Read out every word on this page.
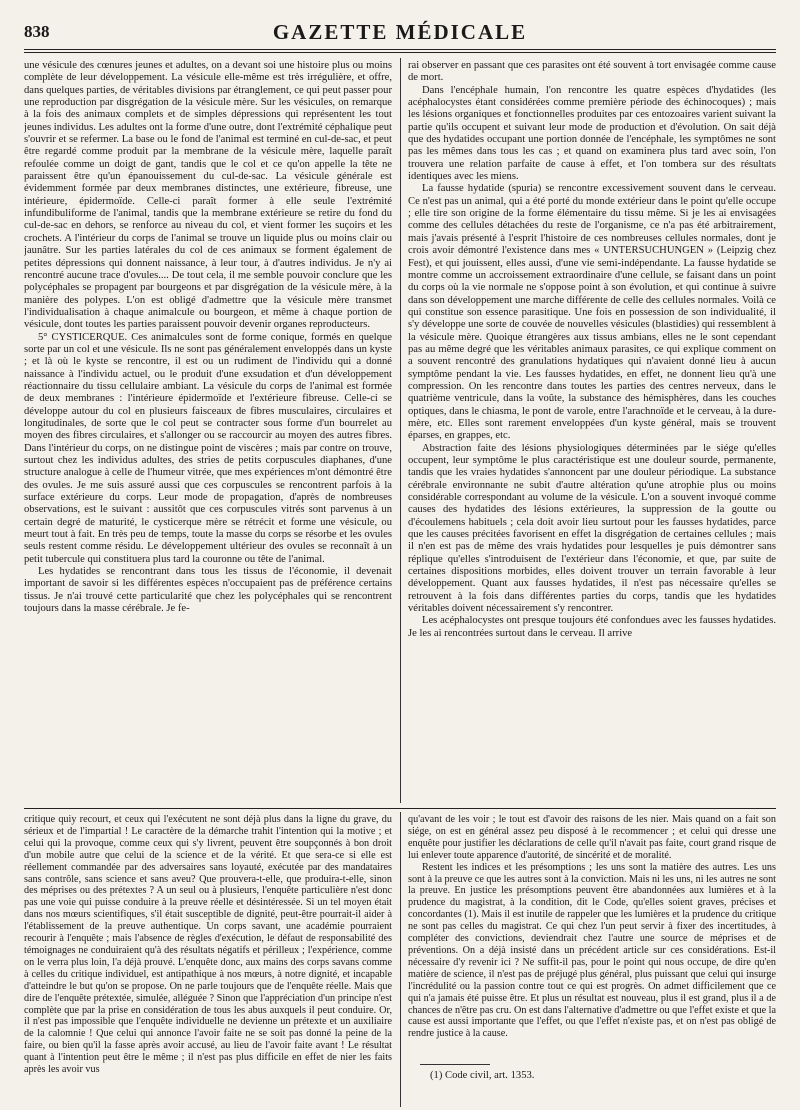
838	GAZETTE MÉDICALE

une vésicule des cœnures jeunes et adultes, on a devant soi une histoire plus ou moins complète de leur développement. La vésicule elle-même est très irrégulière, et offre, dans quelques parties, de véritables divisions par étranglement, ce qui peut passer pour une reproduction par disgrégation de la vésicule mère. Sur les vésicules, on remarque à la fois des animaux complets et de simples dépressions qui représentent les tout jeunes individus. Les adultes ont la forme d'une outre, dont l'extrémité céphalique peut s'ouvrir et se refermer. La base ou le fond de l'animal est terminé en cul-de-sac, et peut être regardé comme produit par la membrane de la vésicule mère, laquelle paraît refoulée comme un doigt de gant, tandis que le col et ce qu'on appelle la tête ne paraissent être qu'un épanouissement du cul-de-sac. La vésicule générale est évidemment formée par deux membranes distinctes, une extérieure, fibreuse, une intérieure, épidermoïde. Celle-ci paraît former à elle seule l'extrémité infundibuliforme de l'animal, tandis que la membrane extérieure se retire du fond du cul-de-sac en dehors, se renforce au niveau du col, et vient former les suçoirs et les crochets. A l'intérieur du corps de l'animal se trouve un liquide plus ou moins clair ou jaunâtre. Sur les parties latérales du col de ces animaux se forment également de petites dépressions qui donnent naissance, à leur tour, à d'autres individus. Je n'y ai rencontré aucune trace d'ovules.... De tout cela, il me semble pouvoir conclure que les polycéphales se propagent par bourgeons et par disgrégation de la vésicule mère, à la manière des polypes. L'on est obligé d'admettre que la vésicule mère transmet l'individualisation à chaque animalcule ou bourgeon, et même à chaque portion de vésicule, dont toutes les parties paraissent pouvoir devenir organes reproducteurs.

5° CYSTICERQUE. Ces animalcules sont de forme conique, formés en quelque sorte par un col et une vésicule. Ils ne sont pas généralement enveloppés dans un kyste ; et là où le kyste se rencontre, il est ou un rudiment de l'individu qui a donné naissance à l'individu actuel, ou le produit d'une exsudation et d'un développement réactionnaire du tissu cellulaire ambiant. La vésicule du corps de l'animal est formée de deux membranes : l'intérieure épidermoïde et l'extérieure fibreuse. Celle-ci se développe autour du col en plusieurs faisceaux de fibres musculaires, circulaires et longitudinales, de sorte que le col peut se contracter sous forme d'un bourrelet au moyen des fibres circulaires, et s'allonger ou se raccourcir au moyen des autres fibres. Dans l'intérieur du corps, on ne distingue point de viscères ; mais par contre on trouve, surtout chez les individus adultes, des stries de petits corpuscules diaphanes, d'une structure analogue à celle de l'humeur vitrée, que mes expériences m'ont démontré être des ovules. Je me suis assuré aussi que ces corpuscules se rencontrent parfois à la surface extérieure du corps. Leur mode de propagation, d'après de nombreuses observations, est le suivant : aussitôt que ces corpuscules vitrés sont parvenus à un certain degré de maturité, le cysticerque mère se rétrécit et forme une vésicule, ou meurt tout à fait. En très peu de temps, toute la masse du corps se résorbe et les ovules seuls restent comme résidu. Le développement ultérieur des ovules se reconnaît à un petit tubercule qui constituera plus tard la couronne ou tête de l'animal.

Les hydatides se rencontrant dans tous les tissus de l'économie, il devenait important de savoir si les différentes espèces n'occupaient pas de préférence certains tissus. Je n'ai trouvé cette particularité que chez les polycéphales qui se rencontrent toujours dans la masse cérébrale. Je fe-

rai observer en passant que ces parasites ont été souvent à tort envisagée comme cause de mort.

Dans l'encéphale humain, l'on rencontre les quatre espèces d'hydatides (les acéphalocystes étant considérées comme première période des échinocoques) ; mais les lésions organiques et fonctionnelles produites par ces entozoaires varient suivant la partie qu'ils occupent et suivant leur mode de production et d'évolution. On sait déjà que des hydatides occupant une portion donnée de l'encéphale, les symptômes ne sont pas les mêmes dans tous les cas ; et quand on examinera plus tard avec soin, l'on trouvera une relation parfaite de cause à effet, et l'on tombera sur des résultats identiques avec les miens.

La fausse hydatide (spuria) se rencontre excessivement souvent dans le cerveau. Ce n'est pas un animal, qui a été porté du monde extérieur dans le point qu'elle occupe ; elle tire son origine de la forme élémentaire du tissu même. Si je les ai envisagées comme des cellules détachées du reste de l'organisme, ce n'a pas été arbitrairement, mais j'avais présenté à l'esprit l'histoire de ces nombreuses cellules normales, dont je crois avoir démontré l'existence dans mes « UNTERSUCHUNGEN » (Leipzig chez Fest), et qui jouissent, elles aussi, d'une vie semi-indépendante. La fausse hydatide se montre comme un accroissement extraordinaire d'une cellule, se faisant dans un point du corps où la vie normale ne s'oppose point à son évolution, et qui continue à suivre dans son développement une marche différente de celle des cellules normales. Voilà ce qui constitue son essence parasitique. Une fois en possession de son individualité, il s'y développe une sorte de couvée de nouvelles vésicules (blastidies) qui ressemblent à la vésicule mère. Quoique étrangères aux tissus ambians, elles ne le sont cependant pas au même degré que les véritables animaux parasites, ce qui explique comment on a souvent rencontré des granulations hydatiques qui n'avaient donné lieu à aucun symptôme pendant la vie. Les fausses hydatides, en effet, ne donnent lieu qu'à une compression. On les rencontre dans toutes les parties des centres nerveux, dans le quatrième ventricule, dans la voûte, la substance des hémisphères, dans les couches optiques, dans le chiasma, le pont de varole, entre l'arachnoïde et le cerveau, à la dure-mère, etc. Elles sont rarement enveloppées d'un kyste général, mais se trouvent éparses, en grappes, etc.

Abstraction faite des lésions physiologiques déterminées par le siége qu'elles occupent, leur symptôme le plus caractéristique est une douleur sourde, permanente, tandis que les vraies hydatides s'annoncent par une douleur périodique. La substance cérébrale environnante ne subit d'autre altération qu'une atrophie plus ou moins considérable correspondant au volume de la vésicule. L'on a souvent invoqué comme causes des hydatides des lésions extérieures, la suppression de la goutte ou d'écoulemens habituels ; cela doit avoir lieu surtout pour les fausses hydatides, parce que les causes précitées favorisent en effet la disgrégation de certaines cellules ; mais il n'en est pas de même des vrais hydatides pour lesquelles je puis démontrer sans réplique qu'elles s'introduisent de l'extérieur dans l'économie, et que, par suite de certaines dispositions morbides, elles doivent trouver un terrain favorable à leur développement. Quant aux fausses hydatides, il n'est pas nécessaire qu'elles se retrouvent à la fois dans différentes parties du corps, tandis que les hydatides véritables doivent nécessairement s'y rencontrer.

Les acéphalocystes ont presque toujours été confondues avec les fausses hydatides. Je les ai rencontrées surtout dans le cerveau. Il arrive

critique quiy recourt, et ceux qui l'exécutent ne sont déjà plus dans la ligne du grave, du sérieux et de l'impartial ! Le caractère de la démarche trahit l'intention qui la motive ; et celui qui la provoque, comme ceux qui s'y livrent, peuvent être soupçonnés à bon droit d'un mobile autre que celui de la science et de la vérité. Et que sera-ce si elle est réellement commandée par des adversaires sans loyauté, exécutée par des mandataires sans contrôle, sans science et sans aveu? Que prouvera-t-elle, que produira-t-elle, sinon des méprises ou des prétextes ? A un seul ou à plusieurs, l'enquête particulière n'est donc pas une voie qui puisse conduire à la preuve réelle et désintéressée. Si un tel moyen était dans nos mœurs scientifiques, s'il était susceptible de dignité, peut-être pourrait-il aider à l'établissement de la preuve authentique. Un corps savant, une académie pourraient recourir à l'enquête ; mais l'absence de règles d'exécution, le défaut de responsabilité des témoignages ne conduiraient qu'à des résultats négatifs et périlleux ; l'expérience, comme on le verra plus loin, l'a déjà prouvé. L'enquête donc, aux mains des corps savans comme à celles du critique individuel, est antipathique à nos mœurs, à notre dignité, et incapable d'atteindre le but qu'on se propose. On ne parle toujours que de l'enquête réelle. Mais que dire de l'enquête prétextée, simulée, alléguée ? Sinon que l'appréciation d'un principe n'est complète que par la prise en considération de tous les abus auxquels il peut conduire. Or, il n'est pas impossible que l'enquête individuelle ne devienne un prétexte et un auxiliaire de la calomnie ! Que celui qui annonce l'avoir faite ne se soit pas donné la peine de la faire, ou bien qu'il la fasse après avoir accusé, au lieu de l'avoir faite avant ! Le résultat quant à l'intention peut être le même ; il n'est pas plus difficile en effet de nier les faits après les avoir vus

qu'avant de les voir ; le tout est d'avoir des raisons de les nier. Mais quand on a fait son siége, on est en général assez peu disposé à le recommencer ; et celui qui dresse une enquête pour justifier les déclarations de celle qu'il n'avait pas faite, court grand risque de lui enlever toute apparence d'autorité, de sincérité et de moralité.

Restent les indices et les présomptions ; les uns sont la matière des autres. Les uns sont à la preuve ce que les autres sont à la conviction. Mais ni les uns, ni les autres ne sont la preuve. En justice les présomptions peuvent être abandonnées aux lumières et à la prudence du magistrat, à la condition, dit le Code, qu'elles soient graves, précises et concordantes (1). Mais il est inutile de rappeler que les lumières et la prudence du critique ne sont pas celles du magistrat. Ce qui chez l'un peut servir à fixer des incertitudes, à compléter des convictions, deviendrait chez l'autre une source de méprises et de préventions. On a déjà insisté dans un précédent article sur ces considérations. Est-il nécessaire d'y revenir ici ? Ne suffit-il pas, pour le point qui nous occupe, de dire qu'en matière de science, il n'est pas de préjugé plus général, plus puissant que celui qui insurge l'incrédulité ou la passion contre tout ce qui est progrès. On admet difficilement que ce qui n'a jamais été puisse être. Et plus un résultat est nouveau, plus il est grand, plus il a de chances de n'être pas cru. On est dans l'alternative d'admettre ou que l'effet existe et que la cause est aussi importante que l'effet, ou que l'effet n'existe pas, et on n'est pas obligé de rendre justice à la cause.

(1) Code civil, art. 1353.
